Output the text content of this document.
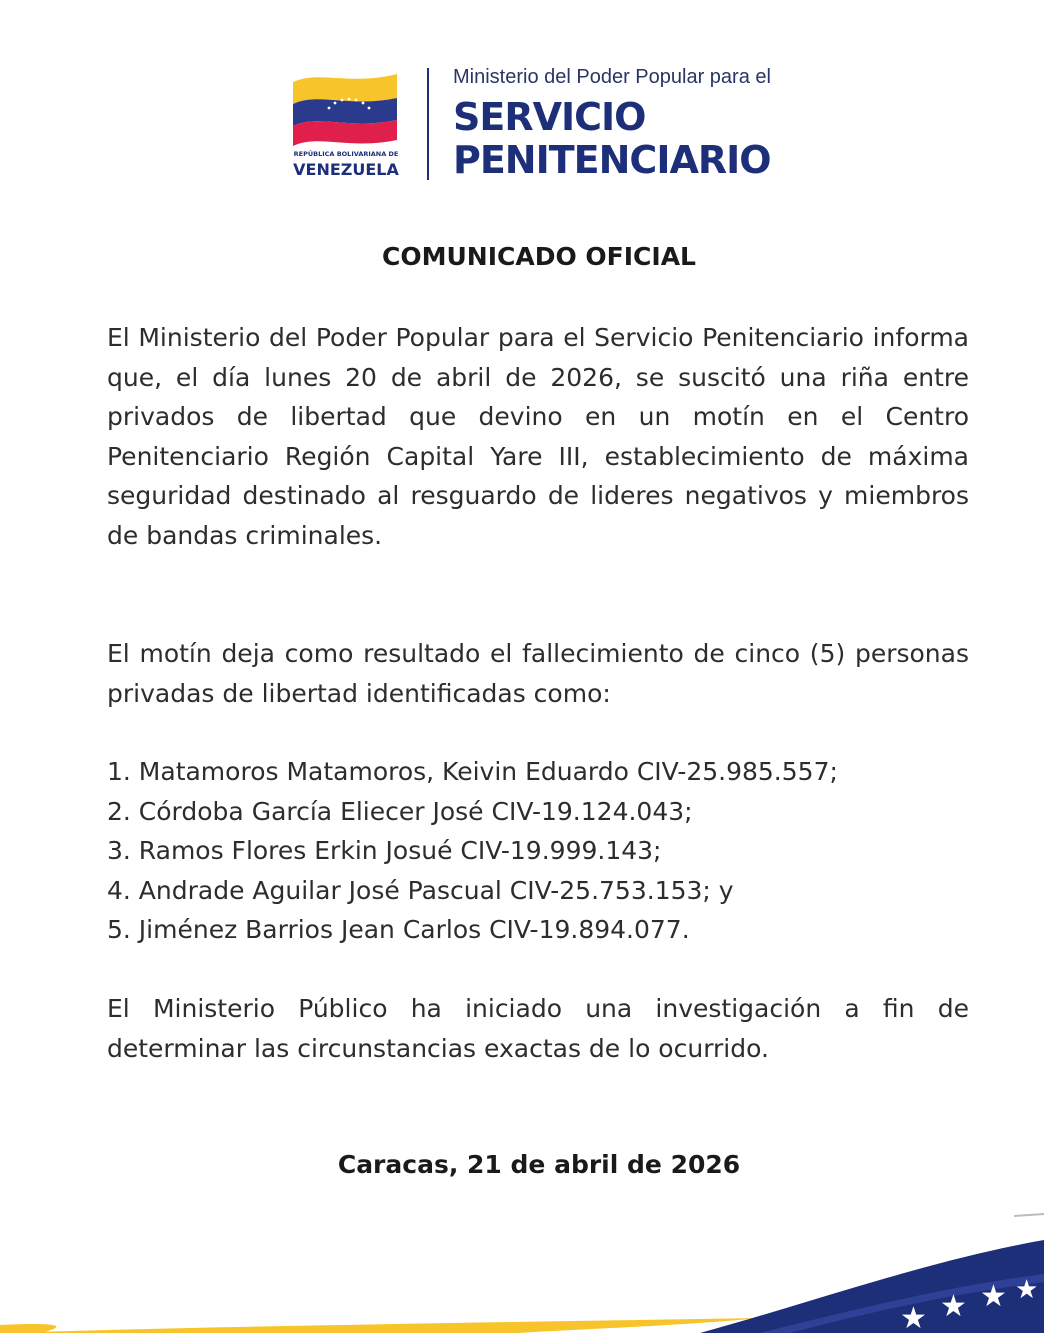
REPÚBLICA BOLIVARIANA DE
VENEZUELA
Ministerio del Poder Popular para el
SERVICIO
PENITENCIARIO
COMUNICADO OFICIAL

El Ministerio del Poder Popular para el Servicio Penitenciario informa que, el día lunes 20 de abril de 2026, se suscitó una riña entre privados de libertad que devino en un motín en el Centro Penitenciario Región Capital Yare III, establecimiento de máxima seguridad destinado al resguardo de lideres negativos y miembros de bandas criminales.

El motín deja como resultado el fallecimiento de cinco (5) personas privadas de libertad identificadas como:

1. Matamoros Matamoros, Keivin Eduardo CIV-25.985.557;
2. Córdoba García Eliecer José CIV-19.124.043;
3. Ramos Flores Erkin Josué CIV-19.999.143;
4. Andrade Aguilar José Pascual CIV-25.753.153; y
5. Jiménez Barrios Jean Carlos CIV-19.894.077.

El Ministerio Público ha iniciado una investigación a fin de determinar las circunstancias exactas de lo ocurrido.

Caracas, 21 de abril de 2026
★ ★ ★ ★
